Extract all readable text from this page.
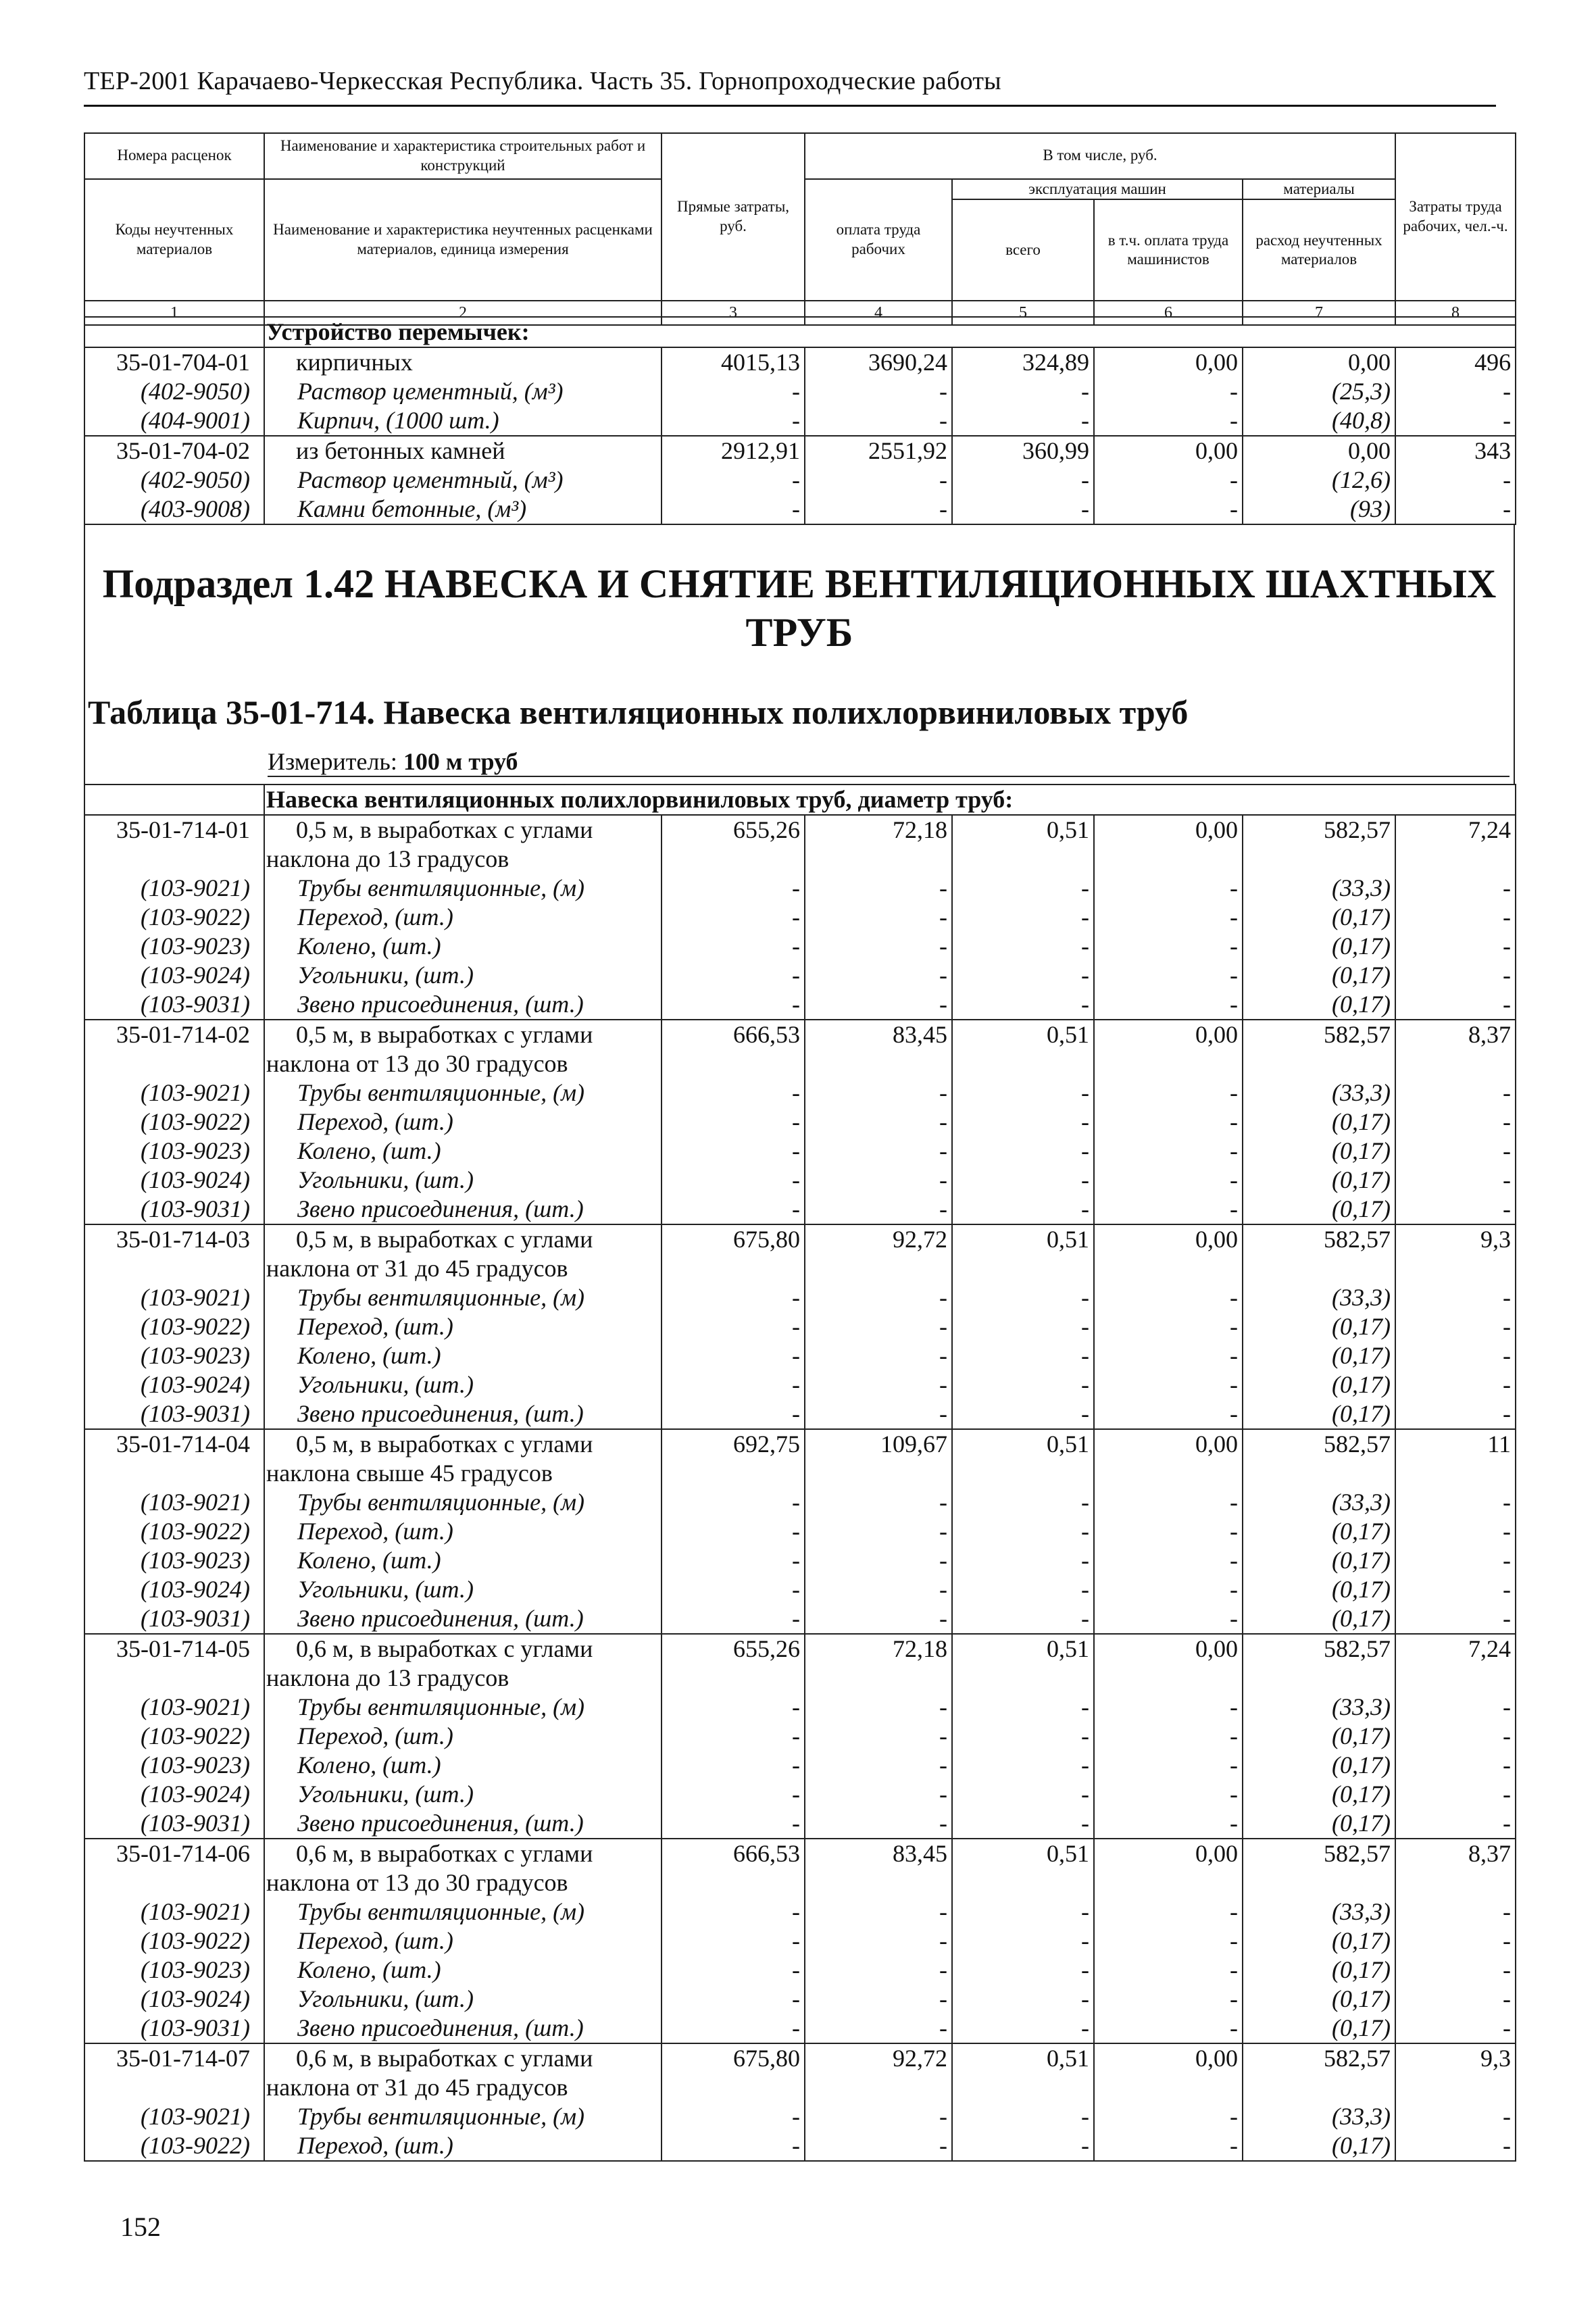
ТЕР-2001 Карачаево-Черкесская Республика. Часть 35. Горнопроходческие работы
Номера расценок	Наименование и характеристика строительных работ и конструкций	Прямые затраты, руб.	В том числе, руб.				Затраты труда рабочих, чел.-ч.
Коды неучтенных материалов	Наименование и характеристика неучтенных расценками материалов, единица измерения		оплата труда рабочих	эксплуатация машин		материалы	
				всего	в т.ч. оплата труда машинистов	расход неучтенных материалов	
1	2	3	4	5	6	7	8
	Устройство перемычек:						
35-01-704-01	кирпичных	4015,13	3690,24	324,89	0,00	0,00	496
(402-9050)	Раствор цементный, (м³)	-	-	-	-	(25,3)	-
(404-9001)	Кирпич, (1000 шт.)	-	-	-	-	(40,8)	-
35-01-704-02	из бетонных камней	2912,91	2551,92	360,99	0,00	0,00	343
(402-9050)	Раствор цементный, (м³)	-	-	-	-	(12,6)	-
(403-9008)	Камни бетонные, (м³)	-	-	-	-	(93)	-
Подраздел 1.42 НАВЕСКА И СНЯТИЕ ВЕНТИЛЯЦИОННЫХ ШАХТНЫХ ТРУБ
Таблица 35-01-714. Навеска вентиляционных полихлорвиниловых труб
Измеритель: 100 м труб
	Навеска вентиляционных полихлорвиниловых труб, диаметр труб:						
35-01-714-01	0,5 м, в выработках с углами	655,26	72,18	0,51	0,00	582,57	7,24
	наклона до 13 градусов						
(103-9021)	Трубы вентиляционные, (м)	-	-	-	-	(33,3)	-
(103-9022)	Переход, (шт.)	-	-	-	-	(0,17)	-
(103-9023)	Колено, (шт.)	-	-	-	-	(0,17)	-
(103-9024)	Угольники, (шт.)	-	-	-	-	(0,17)	-
(103-9031)	Звено присоединения, (шт.)	-	-	-	-	(0,17)	-
35-01-714-02	0,5 м, в выработках с углами	666,53	83,45	0,51	0,00	582,57	8,37
	наклона от 13 до 30 градусов						
(103-9021)	Трубы вентиляционные, (м)	-	-	-	-	(33,3)	-
(103-9022)	Переход, (шт.)	-	-	-	-	(0,17)	-
(103-9023)	Колено, (шт.)	-	-	-	-	(0,17)	-
(103-9024)	Угольники, (шт.)	-	-	-	-	(0,17)	-
(103-9031)	Звено присоединения, (шт.)	-	-	-	-	(0,17)	-
35-01-714-03	0,5 м, в выработках с углами	675,80	92,72	0,51	0,00	582,57	9,3
	наклона от 31 до 45 градусов						
(103-9021)	Трубы вентиляционные, (м)	-	-	-	-	(33,3)	-
(103-9022)	Переход, (шт.)	-	-	-	-	(0,17)	-
(103-9023)	Колено, (шт.)	-	-	-	-	(0,17)	-
(103-9024)	Угольники, (шт.)	-	-	-	-	(0,17)	-
(103-9031)	Звено присоединения, (шт.)	-	-	-	-	(0,17)	-
35-01-714-04	0,5 м, в выработках с углами	692,75	109,67	0,51	0,00	582,57	11
	наклона свыше 45 градусов						
(103-9021)	Трубы вентиляционные, (м)	-	-	-	-	(33,3)	-
(103-9022)	Переход, (шт.)	-	-	-	-	(0,17)	-
(103-9023)	Колено, (шт.)	-	-	-	-	(0,17)	-
(103-9024)	Угольники, (шт.)	-	-	-	-	(0,17)	-
(103-9031)	Звено присоединения, (шт.)	-	-	-	-	(0,17)	-
35-01-714-05	0,6 м, в выработках с углами	655,26	72,18	0,51	0,00	582,57	7,24
	наклона до 13 градусов						
(103-9021)	Трубы вентиляционные, (м)	-	-	-	-	(33,3)	-
(103-9022)	Переход, (шт.)	-	-	-	-	(0,17)	-
(103-9023)	Колено, (шт.)	-	-	-	-	(0,17)	-
(103-9024)	Угольники, (шт.)	-	-	-	-	(0,17)	-
(103-9031)	Звено присоединения, (шт.)	-	-	-	-	(0,17)	-
35-01-714-06	0,6 м, в выработках с углами	666,53	83,45	0,51	0,00	582,57	8,37
	наклона от 13 до 30 градусов						
(103-9021)	Трубы вентиляционные, (м)	-	-	-	-	(33,3)	-
(103-9022)	Переход, (шт.)	-	-	-	-	(0,17)	-
(103-9023)	Колено, (шт.)	-	-	-	-	(0,17)	-
(103-9024)	Угольники, (шт.)	-	-	-	-	(0,17)	-
(103-9031)	Звено присоединения, (шт.)	-	-	-	-	(0,17)	-
35-01-714-07	0,6 м, в выработках с углами	675,80	92,72	0,51	0,00	582,57	9,3
	наклона от 31 до 45 градусов						
(103-9021)	Трубы вентиляционные, (м)	-	-	-	-	(33,3)	-
(103-9022)	Переход, (шт.)	-	-	-	-	(0,17)	-
152
